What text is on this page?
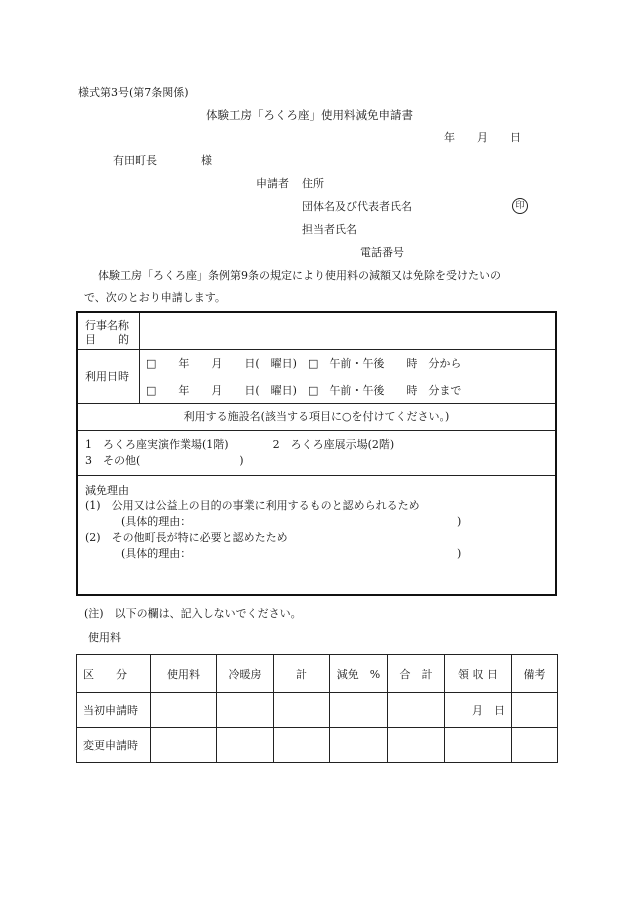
様式第3号(第7条関係)
体験工房「ろくろ座」使用料減免申請書
年　　月　　日
有田町長　　　　様
申請者 住所
団体名及び代表者氏名	印
担当者氏名
電話番号
体験工房「ろくろ座」条例第9条の規定により使用料の減額又は免除を受けたいの
で、次のとおり申請します。
行事名称
目　　的
利用日時
□　　年　　月　　日(　曜日)　□　午前・午後　　時　分から
□　　年　　月　　日(　曜日)　□　午前・午後　　時　分まで
利用する施設名(該当する項目に○を付けてください。)
1　ろくろ座実演作業場(1階)　　　　2　ろくろ座展示場(2階)
3　その他(　　　　　　　　　)
減免理由
(1)　公用又は公益上の目的の事業に利用するものと認められるため
(具体的理由：	)
(2)　その他町長が特に必要と認めたため
(具体的理由：	)
(注)　以下の欄は、記入しないでください。
使用料
区　　分	使用料	冷暖房	計	減免　%	合　計	領 収 日	備考
当初申請時						月　日	
変更申請時							
